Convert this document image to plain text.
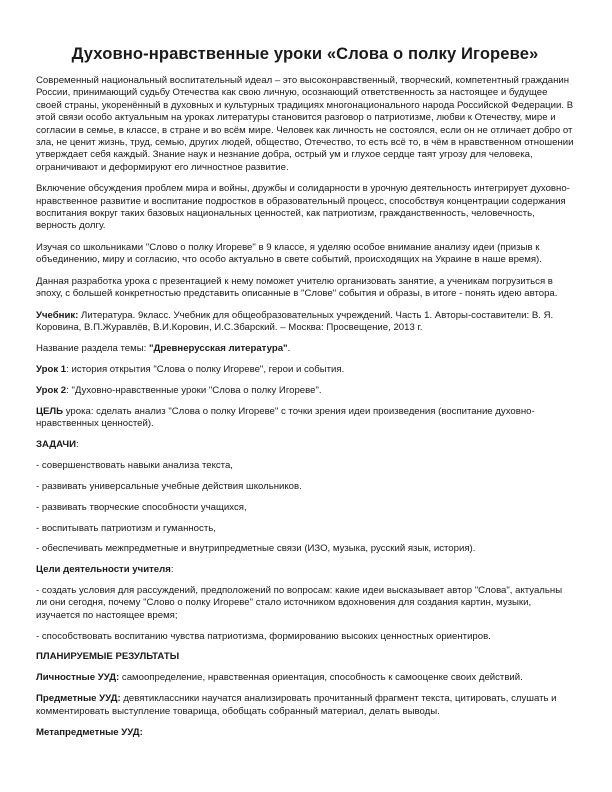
Духовно-нравственные уроки «Слова о полку Игореве»

Современный национальный воспитательный идеал – это высоконравственный, творческий, компетентный гражданин России, принимающий судьбу Отечества как свою личную, осознающий ответственность за настоящее и будущее своей страны, укоренённый в духовных и культурных традициях многонационального народа Российской Федерации. В этой связи особо актуальным на уроках литературы становится разговор о патриотизме, любви к Отечеству, мире и согласии в семье, в классе, в стране и во всём мире. Человек как личность не состоялся, если он не отличает добро от зла, не ценит жизнь, труд, семью, других людей, общество, Отечество, то есть всё то, в чём в нравственном отношении утверждает себя каждый. Знание наук и незнание добра, острый ум и глухое сердце таят угрозу для человека, ограничивают и деформируют его личностное развитие.

Включение обсуждения проблем мира и войны, дружбы и солидарности в урочную деятельность интегрирует духовно-нравственное развитие и воспитание подростков в образовательный процесс, способствуя концентрации содержания воспитания вокруг таких базовых национальных ценностей, как патриотизм, гражданственность, человечность, верность долгу.

Изучая со школьниками "Слово о полку Игореве" в 9 классе, я уделяю особое внимание анализу идеи (призыв к объединению, миру и согласию, что особо актуально в свете событий, происходящих на Украине в наше время).

Данная разработка урока с презентацией к нему поможет учителю организовать занятие, а ученикам погрузиться в эпоху, с большей конкретностью представить описанные в "Слове" события и образы, в итоге - понять идею автора.

Учебник: Литература. 9класс. Учебник для общеобразовательных учреждений. Часть 1. Авторы-составители: В. Я. Коровина, В.П.Журавлёв, В.И.Коровин, И.С.Збарский. – Москва: Просвещение, 2013 г.

Название раздела темы: "Древнерусская литература".

Урок 1: история открытия "Слова о полку Игореве", герои и события.

Урок 2: "Духовно-нравственные уроки "Слова о полку Игореве".

ЦЕЛЬ урока: сделать анализ "Слова о полку Игореве" с точки зрения идеи произведения (воспитание духовно-нравственных ценностей).

ЗАДАЧИ:

- совершенствовать навыки анализа текста,

- развивать универсальные учебные действия школьников.

- развивать творческие способности учащихся,

- воспитывать патриотизм и гуманность,

- обеспечивать межпредметные и внутрипредметные связи (ИЗО, музыка, русский язык, история).

Цели деятельности учителя:

- создать условия для рассуждений, предположений по вопросам: какие идеи высказывает автор "Слова", актуальны ли они сегодня, почему "Слово о полку Игореве" стало источником вдохновения для создания картин, музыки, изучается по настоящее время;

- способствовать воспитанию чувства патриотизма, формированию высоких ценностных ориентиров.

ПЛАНИРУЕМЫЕ РЕЗУЛЬТАТЫ

Личностные УУД: самоопределение, нравственная ориентация, способность к самооценке своих действий.

Предметные УУД: девятиклассники научатся анализировать прочитанный фрагмент текста, цитировать, слушать и комментировать выступление товарища, обобщать собранный материал, делать выводы.

Метапредметные УУД:
